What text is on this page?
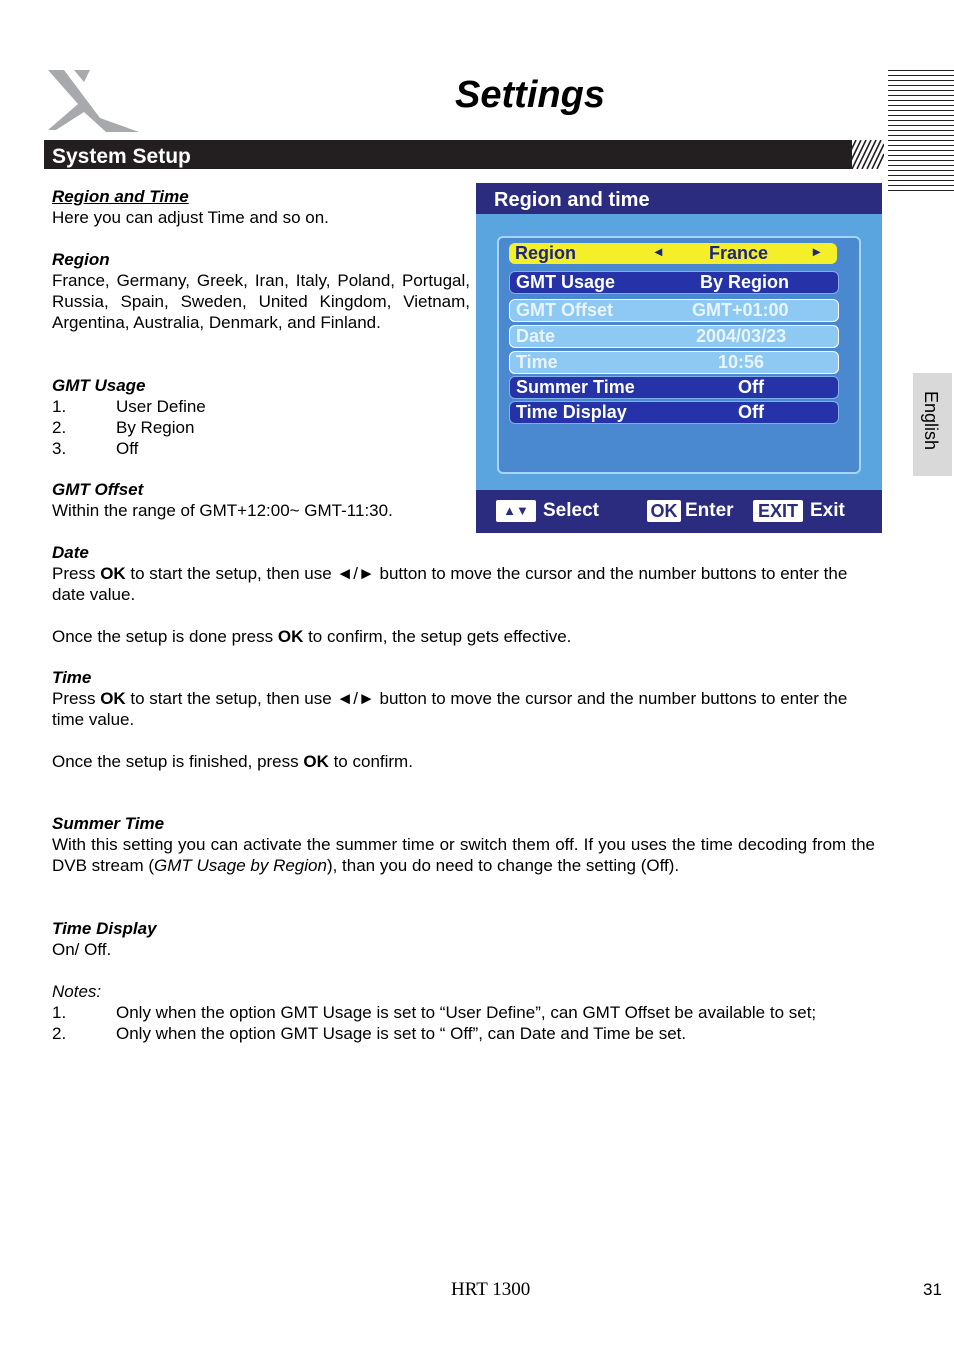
Settings
System Setup
Region and Time
Here you can adjust Time and so on.
Region
France, Germany, Greek, Iran, Italy, Poland, Portugal, Russia, Spain, Sweden, United Kingdom, Vietnam, Argentina, Australia, Denmark, and Finland.
GMT Usage
1.	User Define
2.	By Region
3.	Off
GMT Offset
Within the range of GMT+12:00~ GMT-11:30.
Region and time
Region	◂	France	▸
GMT Usage	By Region
GMT Offset	GMT+01:00
Date	2004/03/23
Time	10:56
Summer Time	Off
Time Display	Off
▲▼ Select	OK Enter EXIT Exit
Date
Press OK to start the setup, then use ◄/► button to move the cursor and the number buttons to enter the date value.
Once the setup is done press OK to confirm, the setup gets effective.
Time
Press OK to start the setup, then use ◄/► button to move the cursor and the number buttons to enter the time value.
Once the setup is finished, press OK to confirm.
Summer Time
With this setting you can activate the summer time or switch them off. If you uses the time decoding from the DVB stream (GMT Usage by Region), than you do need to change the setting (Off).
Time Display
On/ Off.
Notes:
1.	Only when the option GMT Usage is set to “User Define”, can GMT Offset be available to set;
2.	Only when the option GMT Usage is set to “ Off”, can Date and Time be set.
English
HRT 1300	31
